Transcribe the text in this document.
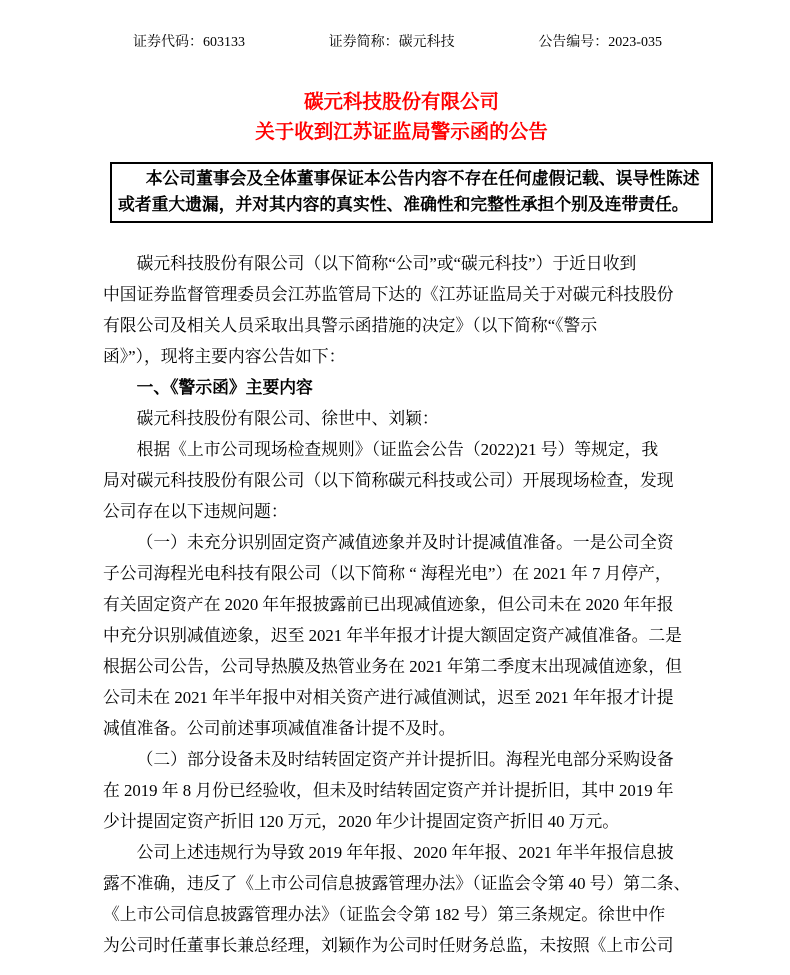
证券代码：603133	证券简称：碳元科技	公告编号：2023-035
碳元科技股份有限公司
关于收到江苏证监局警示函的公告
本公司董事会及全体董事保证本公告内容不存在任何虚假记载、误导性陈述
或者重大遗漏，并对其内容的真实性、准确性和完整性承担个别及连带责任。
碳元科技股份有限公司（以下简称“公司”或“碳元科技”）于近日收到
中国证券监督管理委员会江苏监管局下达的《江苏证监局关于对碳元科技股份
有限公司及相关人员采取出具警示函措施的决定》（以下简称“《警示
函》”），现将主要内容公告如下：
一、《警示函》主要内容
碳元科技股份有限公司、徐世中、刘颖：
根据《上市公司现场检查规则》（证监会公告（2022)21 号）等规定，我
局对碳元科技股份有限公司（以下简称碳元科技或公司）开展现场检查，发现
公司存在以下违规问题：
（一）未充分识别固定资产减值迹象并及时计提减值准备。一是公司全资
子公司海程光电科技有限公司（以下简称 “ 海程光电”）在 2021 年 7 月停产，
有关固定资产在 2020 年年报披露前已出现减值迹象，但公司未在 2020 年年报
中充分识别减值迹象，迟至 2021 年半年报才计提大额固定资产减值准备。二是
根据公司公告，公司导热膜及热管业务在 2021 年第二季度末出现减值迹象，但
公司未在 2021 年半年报中对相关资产进行减值测试，迟至 2021 年年报才计提
减值准备。公司前述事项减值准备计提不及时。
（二）部分设备未及时结转固定资产并计提折旧。海程光电部分采购设备
在 2019 年 8 月份已经验收，但未及时结转固定资产并计提折旧，其中 2019 年
少计提固定资产折旧 120 万元，2020 年少计提固定资产折旧 40 万元。
公司上述违规行为导致 2019 年年报、2020 年年报、2021 年半年报信息披
露不准确，违反了《上市公司信息披露管理办法》（证监会令第 40 号）第二条、
《上市公司信息披露管理办法》（证监会令第 182 号）第三条规定。徐世中作
为公司时任董事长兼总经理，刘颖作为公司时任财务总监，未按照《上市公司
